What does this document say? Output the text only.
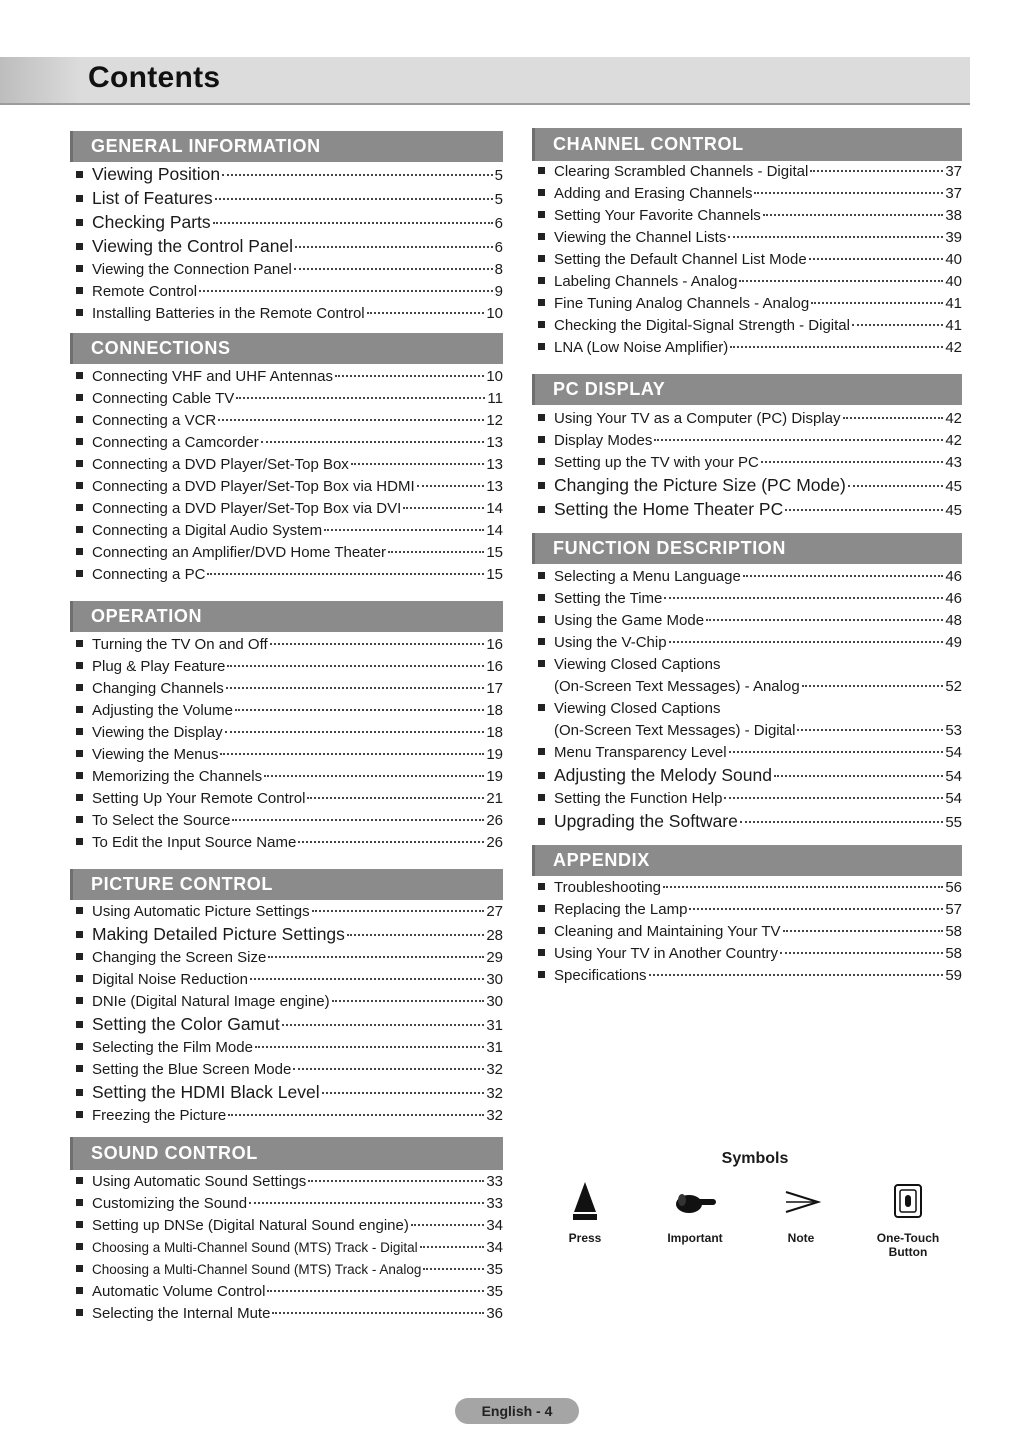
Contents
GENERAL INFORMATION
Viewing Position	5
List of Features	5
Checking Parts	6
Viewing the Control Panel	6
Viewing the Connection Panel	8
Remote Control	9
Installing Batteries in the Remote Control	10
CONNECTIONS
Connecting VHF and UHF Antennas	10
Connecting Cable TV	11
Connecting a VCR	12
Connecting a Camcorder	13
Connecting a DVD Player/Set-Top Box	13
Connecting a DVD Player/Set-Top Box via HDMI	13
Connecting a DVD Player/Set-Top Box via DVI	14
Connecting a Digital Audio System	14
Connecting an Amplifier/DVD Home Theater	15
Connecting a PC	15
OPERATION
Turning the TV On and Off	16
Plug & Play Feature	16
Changing Channels	17
Adjusting the Volume	18
Viewing the Display	18
Viewing the Menus	19
Memorizing the Channels	19
Setting Up Your Remote Control	21
To Select the Source	26
To Edit the Input Source Name	26
PICTURE CONTROL
Using Automatic Picture Settings	27
Making Detailed Picture Settings	28
Changing the Screen Size	29
Digital Noise Reduction	30
DNIe (Digital Natural Image engine)	30
Setting the Color Gamut	31
Selecting the Film Mode	31
Setting the Blue Screen Mode	32
Setting the HDMI Black Level	32
Freezing the Picture	32
SOUND CONTROL
Using Automatic Sound Settings	33
Customizing the Sound	33
Setting up DNSe (Digital Natural Sound engine)	34
Choosing a Multi-Channel Sound (MTS) Track - Digital	34
Choosing a Multi-Channel Sound (MTS) Track - Analog	35
Automatic Volume Control	35
Selecting the Internal Mute	36
CHANNEL CONTROL
Clearing Scrambled Channels - Digital	37
Adding and Erasing Channels	37
Setting Your Favorite Channels	38
Viewing the Channel Lists	39
Setting the Default Channel List Mode	40
Labeling Channels - Analog	40
Fine Tuning Analog Channels - Analog	41
Checking the Digital-Signal Strength - Digital	41
LNA (Low Noise Amplifier)	42
PC DISPLAY
Using Your TV as a Computer (PC) Display	42
Display Modes	42
Setting up the TV with your PC	43
Changing the Picture Size (PC Mode)	45
Setting the Home Theater PC	45
FUNCTION DESCRIPTION
Selecting a Menu Language	46
Setting the Time	46
Using the Game Mode	48
Using the V-Chip	49
Viewing Closed Captions
(On-Screen Text Messages) - Analog	52
Viewing Closed Captions
(On-Screen Text Messages) - Digital	53
Menu Transparency Level	54
Adjusting the Melody Sound	54
Setting the Function Help	54
Upgrading the Software	55
APPENDIX
Troubleshooting	56
Replacing the Lamp	57
Cleaning and Maintaining Your TV	58
Using Your TV in Another Country	58
Specifications	59
Symbols
Press	Important	Note	One-Touch Button
English - 4
